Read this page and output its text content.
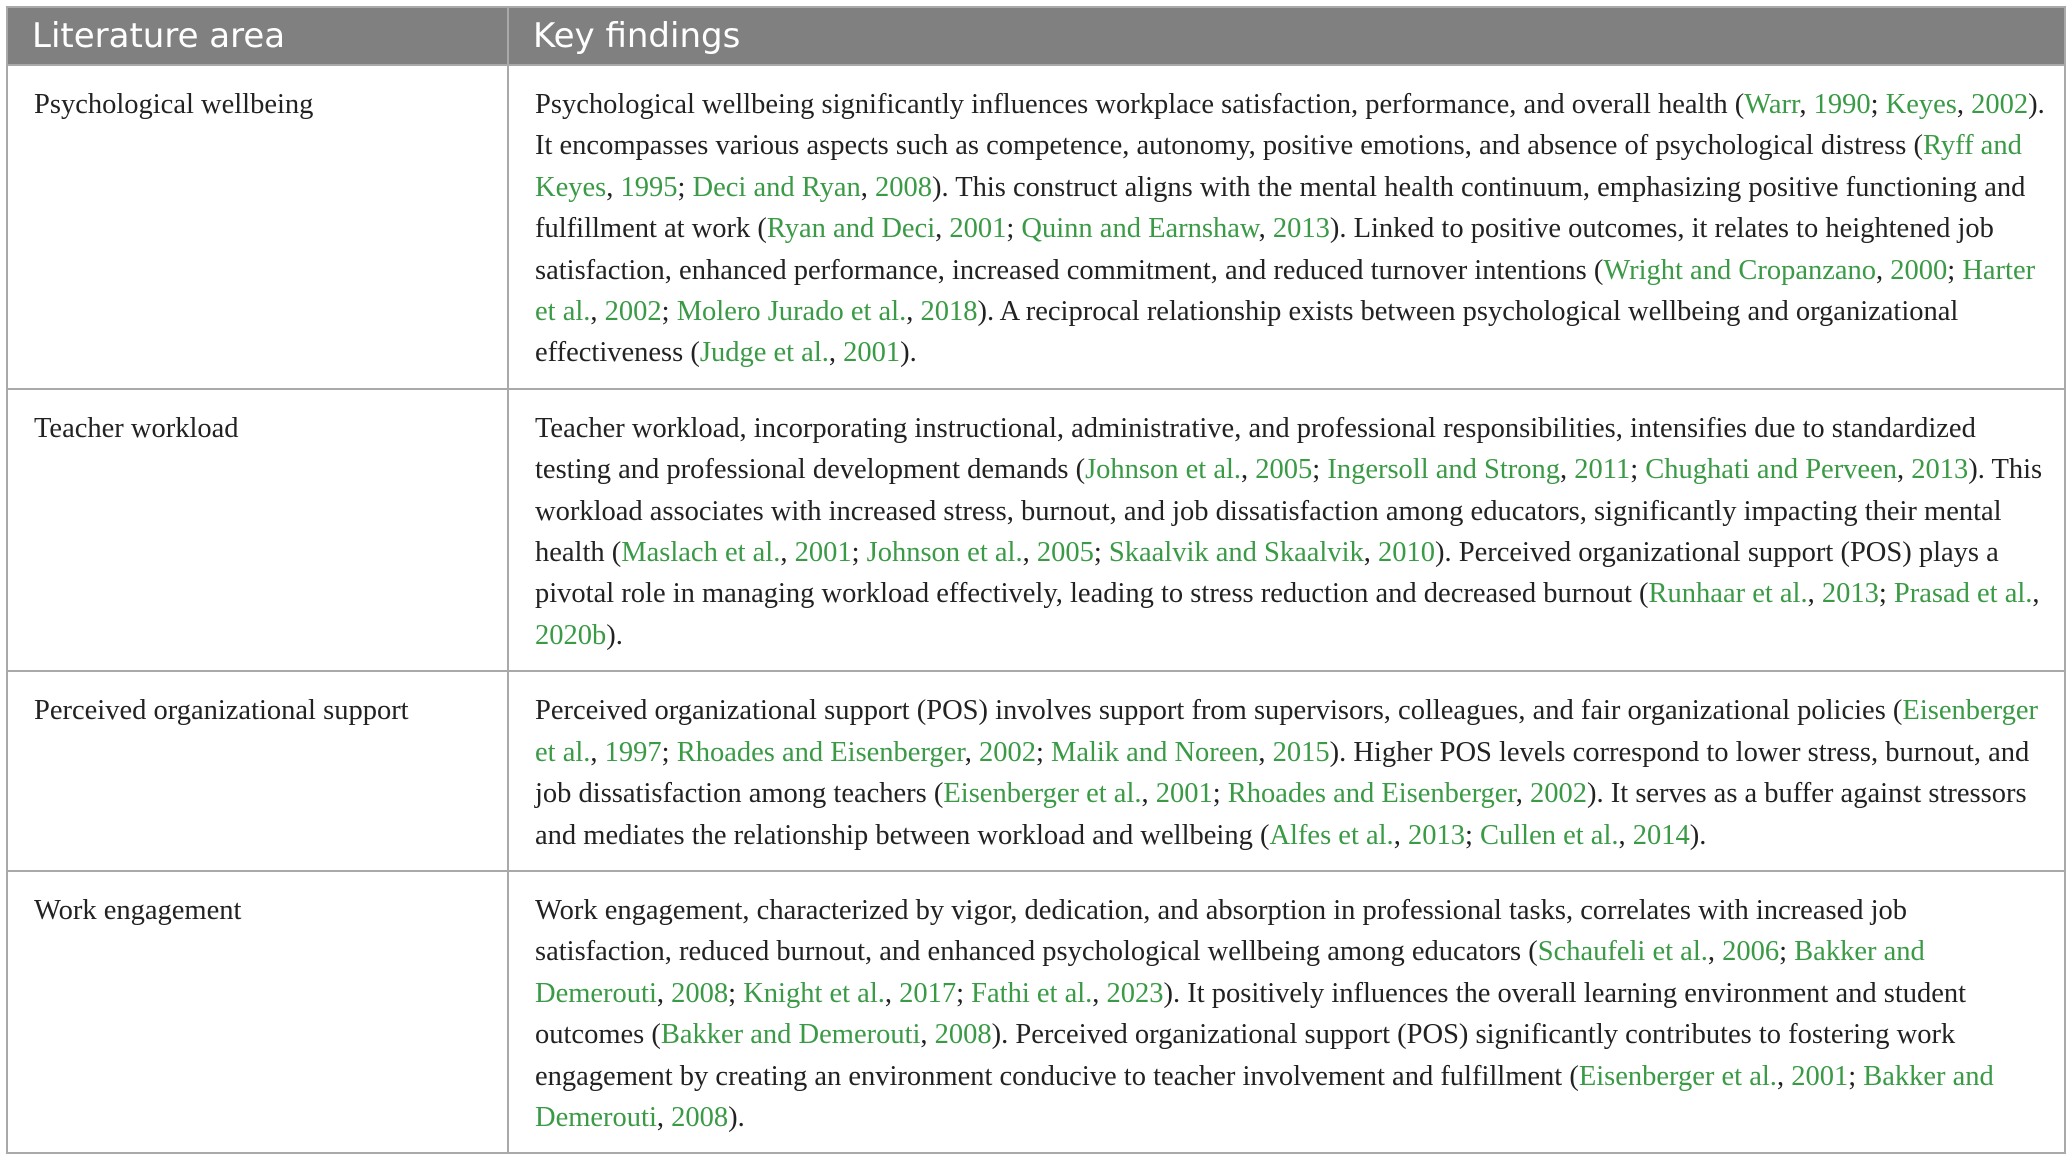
Literature area	Key findings
Psychological wellbeing	Psychological wellbeing significantly influences workplace satisfaction, performance, and overall health (Warr, 1990; Keyes, 2002). It encompasses various aspects such as competence, autonomy, positive emotions, and absence of psychological distress (Ryff and Keyes, 1995; Deci and Ryan, 2008). This construct aligns with the mental health continuum, emphasizing positive functioning and fulfillment at work (Ryan and Deci, 2001; Quinn and Earnshaw, 2013). Linked to positive outcomes, it relates to heightened job satisfaction, enhanced performance, increased commitment, and reduced turnover intentions (Wright and Cropanzano, 2000; Harter et al., 2002; Molero Jurado et al., 2018). A reciprocal relationship exists between psychological wellbeing and organizational effectiveness (Judge et al., 2001).
Teacher workload	Teacher workload, incorporating instructional, administrative, and professional responsibilities, intensifies due to standardized testing and professional development demands (Johnson et al., 2005; Ingersoll and Strong, 2011; Chughati and Perveen, 2013). This workload associates with increased stress, burnout, and job dissatisfaction among educators, significantly impacting their mental health (Maslach et al., 2001; Johnson et al., 2005; Skaalvik and Skaalvik, 2010). Perceived organizational support (POS) plays a pivotal role in managing workload effectively, leading to stress reduction and decreased burnout (Runhaar et al., 2013; Prasad et al., 2020b).
Perceived organizational support	Perceived organizational support (POS) involves support from supervisors, colleagues, and fair organizational policies (Eisenberger et al., 1997; Rhoades and Eisenberger, 2002; Malik and Noreen, 2015). Higher POS levels correspond to lower stress, burnout, and job dissatisfaction among teachers (Eisenberger et al., 2001; Rhoades and Eisenberger, 2002). It serves as a buffer against stressors and mediates the relationship between workload and wellbeing (Alfes et al., 2013; Cullen et al., 2014).
Work engagement	Work engagement, characterized by vigor, dedication, and absorption in professional tasks, correlates with increased job satisfaction, reduced burnout, and enhanced psychological wellbeing among educators (Schaufeli et al., 2006; Bakker and Demerouti, 2008; Knight et al., 2017; Fathi et al., 2023). It positively influences the overall learning environment and student outcomes (Bakker and Demerouti, 2008). Perceived organizational support (POS) significantly contributes to fostering work engagement by creating an environment conducive to teacher involvement and fulfillment (Eisenberger et al., 2001; Bakker and Demerouti, 2008).
